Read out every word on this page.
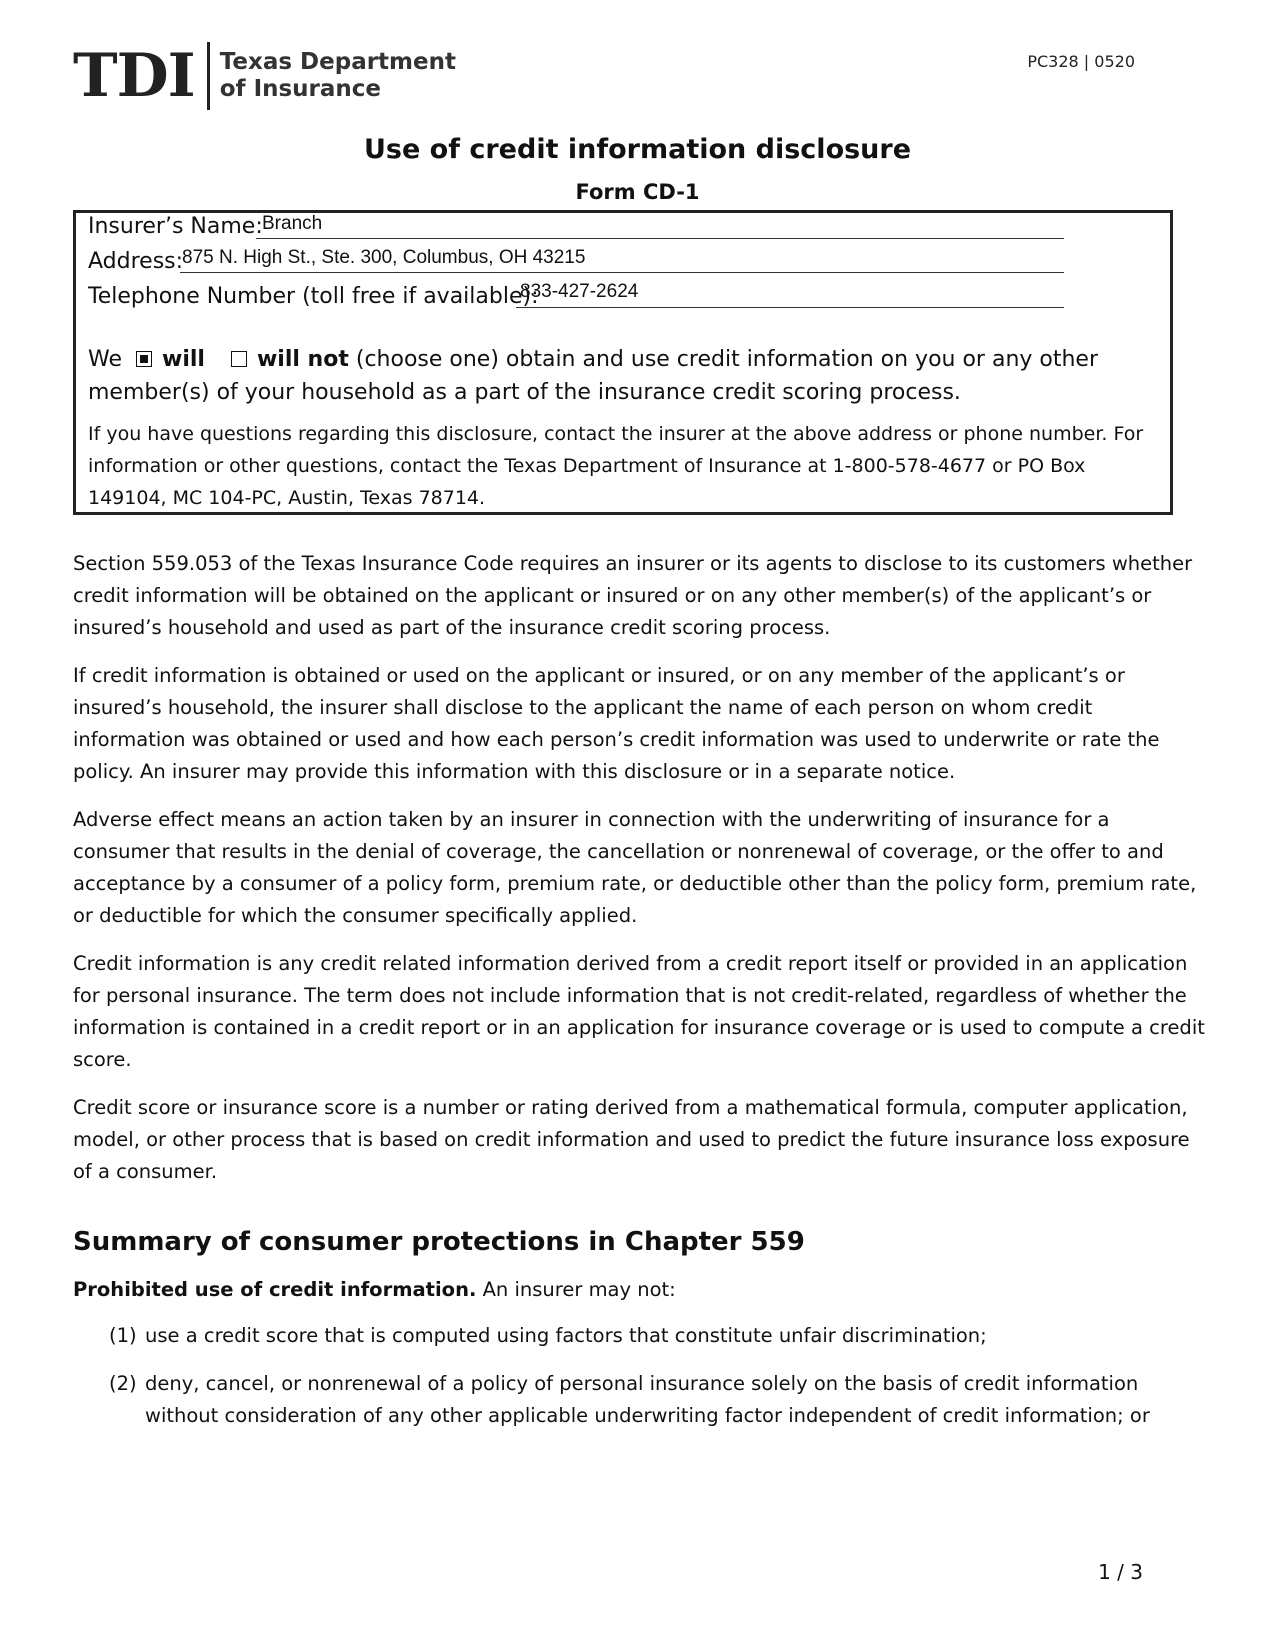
TDI Texas Department
of Insurance
PC328 | 0520
Use of credit information disclosure
Form CD-1
Insurer’s Name: Branch
Address:
875 N. High St., Ste. 300, Columbus, OH 43215
Telephone Number (toll free if available):
833-427-2624
We will will not (choose one) obtain and use credit information on you or any other member(s) of your household as a part of the insurance credit scoring process.
If you have questions regarding this disclosure, contact the insurer at the above address or phone number. For information or other questions, contact the Texas Department of Insurance at 1-800-578-4677 or PO Box 149104, MC 104-PC, Austin, Texas 78714.

Section 559.053 of the Texas Insurance Code requires an insurer or its agents to disclose to its customers whether credit information will be obtained on the applicant or insured or on any other member(s) of the applicant’s or insured’s household and used as part of the insurance credit scoring process.

If credit information is obtained or used on the applicant or insured, or on any member of the applicant’s or insured’s household, the insurer shall disclose to the applicant the name of each person on whom credit information was obtained or used and how each person’s credit information was used to underwrite or rate the policy. An insurer may provide this information with this disclosure or in a separate notice.

Adverse effect means an action taken by an insurer in connection with the underwriting of insurance for a consumer that results in the denial of coverage, the cancellation or nonrenewal of coverage, or the offer to and acceptance by a consumer of a policy form, premium rate, or deductible other than the policy form, premium rate, or deductible for which the consumer specifically applied.

Credit information is any credit related information derived from a credit report itself or provided in an application for personal insurance. The term does not include information that is not credit-related, regardless of whether the information is contained in a credit report or in an application for insurance coverage or is used to compute a credit score.

Credit score or insurance score is a number or rating derived from a mathematical formula, computer application, model, or other process that is based on credit information and used to predict the future insurance loss exposure of a consumer.

Summary of consumer protections in Chapter 559
Prohibited use of credit information. An insurer may not:
(1) use a credit score that is computed using factors that constitute unfair discrimination;
(2) deny, cancel, or nonrenewal of a policy of personal insurance solely on the basis of credit information without consideration of any other applicable underwriting factor independent of credit information; or
1 / 3
